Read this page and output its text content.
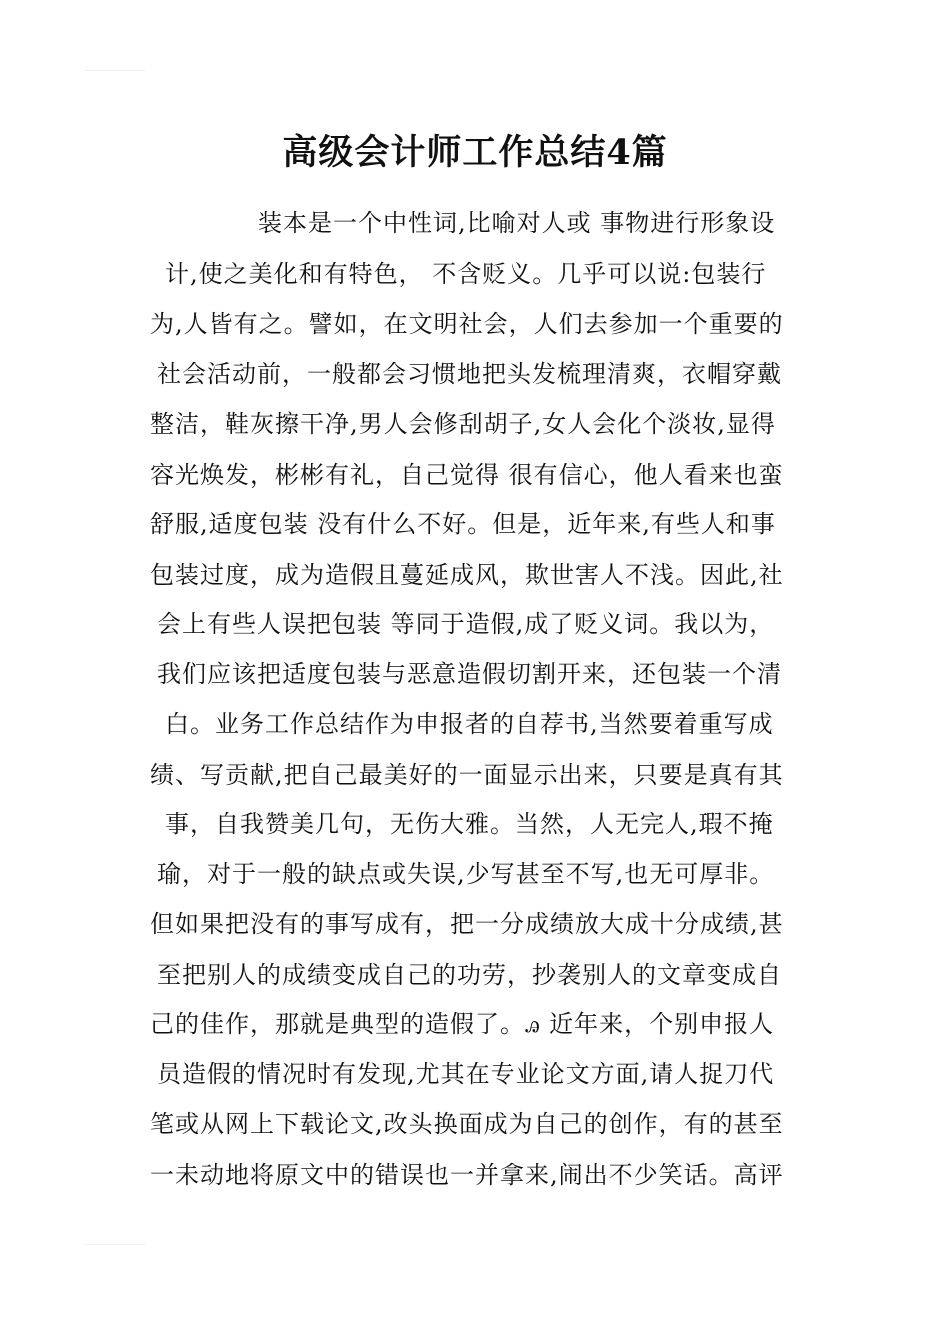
高级会计师工作总结4篇
装本是一个中性词,比喻对人或 事物进行形象设
计,使之美化和有特色， 不含贬义。几乎可以说:包装行
为,人皆有之。譬如，在文明社会，人们去参加一个重要的
社会活动前，一般都会习惯地把头发梳理清爽，衣帽穿戴
整洁，鞋灰擦干净,男人会修刮胡子,女人会化个淡妆,显得
容光焕发，彬彬有礼，自己觉得 很有信心，他人看来也蛮
舒服,适度包装 没有什么不好。但是，近年来,有些人和事
包装过度，成为造假且蔓延成风，欺世害人不浅。因此,社
会上有些人误把包装 等同于造假,成了贬义词。我以为，
我们应该把适度包装与恶意造假切割开来，还包装一个清
白。业务工作总结作为申报者的自荐书,当然要着重写成
绩、写贡献,把自己最美好的一面显示出来，只要是真有其
事，自我赞美几句，无伤大雅。当然，人无完人,瑕不掩
瑜，对于一般的缺点或失误,少写甚至不写,也无可厚非。
但如果把没有的事写成有，把一分成绩放大成十分成绩,甚
至把别人的成绩变成自己的功劳，抄袭别人的文章变成自
己的佳作，那就是典型的造假了。ꭿ 近年来，个别申报人
员造假的情况时有发现,尤其在专业论文方面,请人捉刀代
笔或从网上下载论文,改头换面成为自己的创作，有的甚至
一未动地将原文中的错误也一并拿来,闹出不少笑话。高评
